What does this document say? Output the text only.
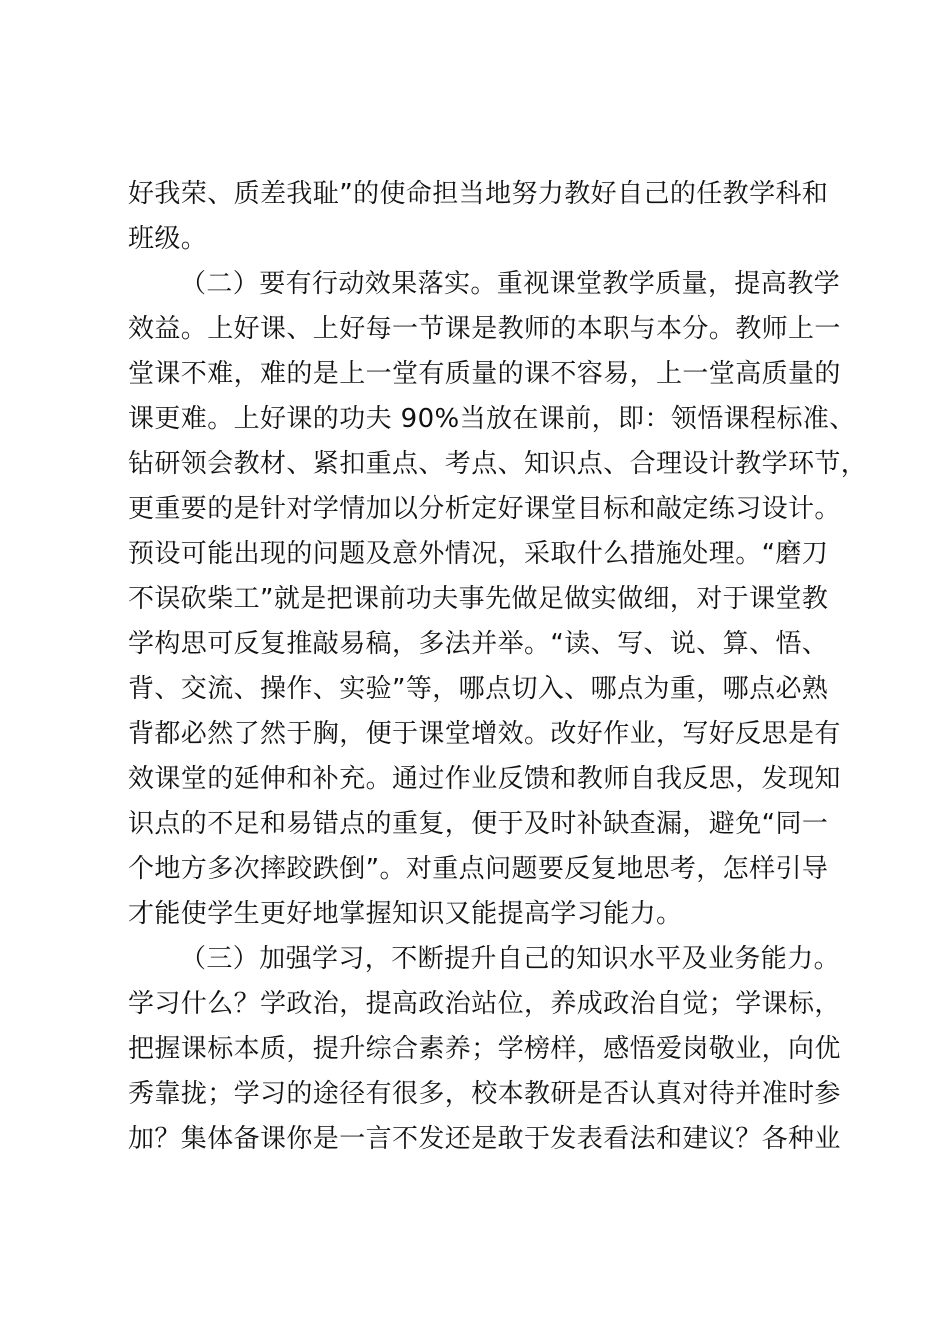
好我荣、质差我耻”的使命担当地努力教好自己的任教学科和
班级。
（二）要有行动效果落实。重视课堂教学质量，提高教学
效益。上好课、上好每一节课是教师的本职与本分。教师上一
堂课不难，难的是上一堂有质量的课不容易，上一堂高质量的
课更难。上好课的功夫 90%当放在课前，即：领悟课程标准、
钻研领会教材、紧扣重点、考点、知识点、合理设计教学环节，
更重要的是针对学情加以分析定好课堂目标和敲定练习设计。
预设可能出现的问题及意外情况，采取什么措施处理。“磨刀
不误砍柴工”就是把课前功夫事先做足做实做细，对于课堂教
学构思可反复推敲易稿，多法并举。“读、写、说、算、悟、
背、交流、操作、实验”等，哪点切入、哪点为重，哪点必熟
背都必然了然于胸，便于课堂增效。改好作业，写好反思是有
效课堂的延伸和补充。通过作业反馈和教师自我反思，发现知
识点的不足和易错点的重复，便于及时补缺查漏，避免“同一
个地方多次摔跤跌倒”。对重点问题要反复地思考，怎样引导
才能使学生更好地掌握知识又能提高学习能力。
（三）加强学习，不断提升自己的知识水平及业务能力。
学习什么？学政治，提高政治站位，养成政治自觉；学课标，
把握课标本质，提升综合素养；学榜样，感悟爱岗敬业，向优
秀靠拢；学习的途径有很多，校本教研是否认真对待并准时参
加？集体备课你是一言不发还是敢于发表看法和建议？各种业
